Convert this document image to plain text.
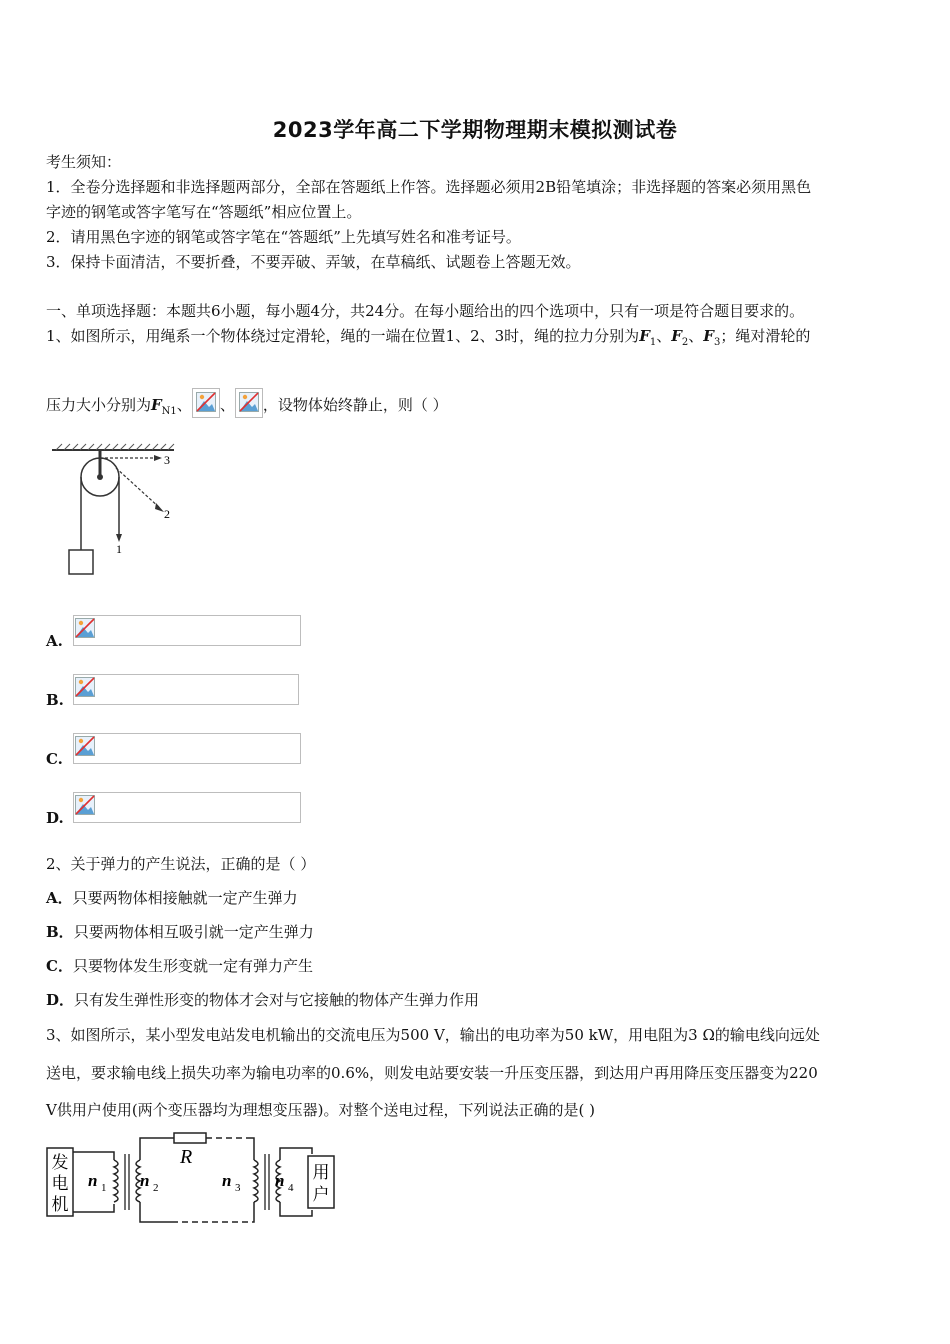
2023学年高二下学期物理期末模拟测试卷
考生须知：
1．全卷分选择题和非选择题两部分，全部在答题纸上作答。选择题必须用2B铅笔填涂；非选择题的答案必须用黑色
字迹的钢笔或答字笔写在“答题纸”相应位置上。
2．请用黑色字迹的钢笔或答字笔在“答题纸”上先填写姓名和准考证号。
3．保持卡面清洁，不要折叠，不要弄破、弄皱，在草稿纸、试题卷上答题无效。
一、单项选择题：本题共6小题，每小题4分，共24分。在每小题给出的四个选项中，只有一项是符合题目要求的。
1、如图所示，用绳系一个物体绕过定滑轮，绳的一端在位置1、2、3时，绳的拉力分别为$F_1$、$F_2$、$F_3$；绳对滑轮的
压力大小分别为$F_{N1}$、 、 ，设物体始终静止，则（ ）
3
2
1
A.
B.
C.
D.
2、关于弹力的产生说法，正确的是（ ）
A．只要两物体相接触就一定产生弹力
B．只要两物体相互吸引就一定产生弹力
C．只要物体发生形变就一定有弹力产生
D．只有发生弹性形变的物体才会对与它接触的物体产生弹力作用
3、如图所示，某小型发电站发电机输出的交流电压为500 V，输出的电功率为50 kW，用电阻为3 Ω的输电线向远处
送电，要求输电线上损失功率为输电功率的0.6%，则发电站要安装一升压变压器，到达用户再用降压变压器变为220
V供用户使用(两个变压器均为理想变压器)。对整个送电过程，下列说法正确的是( )
发
电
机
n 1 n 2
R
n 3 n 4
用
户
